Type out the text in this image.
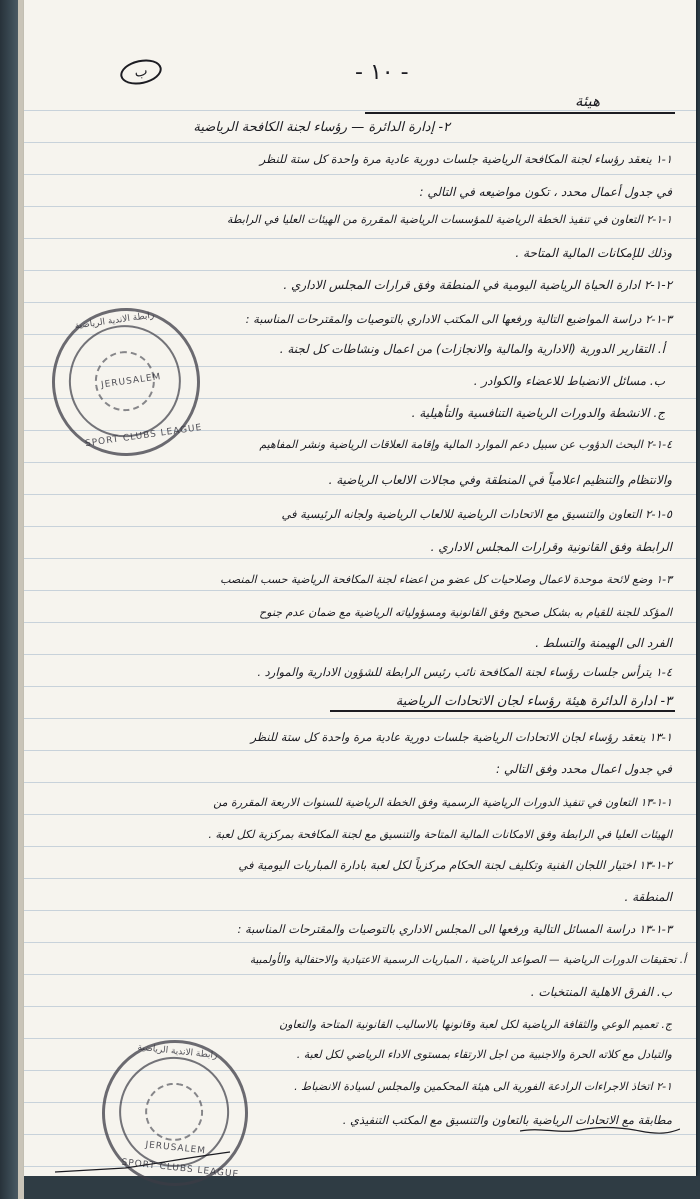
ب	- ١٠ -
هيئة
٢- إدارة الدائرة — رؤساء لجنة الكافحة الرياضية
١-١ ينعقد رؤساء لجنة المكافحة الرياضية جلسات دورية عادية مرة واحدة كل ستة للنظر
في جدول أعمال محدد ، تكون مواضيعه في التالي :
١-١-٢ التعاون في تنفيذ الخطة الرياضية للمؤسسات الرياضية المقررة من الهيئات العليا في الرابطة
وذلك للإمكانات المالية المتاحة .
٢-١-٢ ادارة الحياة الرياضية اليومية في المنطقة وفق قرارات المجلس الاداري .
٣-١-٢ دراسة المواضيع التالية ورفعها الى المكتب الاداري بالتوصيات والمقترحات المناسبة :
أ. التقارير الدورية (الادارية والمالية والانجازات) من اعمال ونشاطات كل لجنة .
ب. مسائل الانضباط للاعضاء والكوادر .
ج. الانشطة والدورات الرياضية التنافسية والتأهيلية .
٤-١-٢ البحث الدؤوب عن سبيل دعم الموارد المالية وإقامة العلاقات الرياضية ونشر المفاهيم
والانتظام والتنظيم اعلامياً في المنطقة وفي مجالات الالعاب الرياضية .
٥-١-٢ التعاون والتنسيق مع الاتحادات الرياضية للالعاب الرياضية ولجانه الرئيسية في
الرابطة وفق القانونية وقرارات المجلس الاداري .
٣-١ وضع لائحة موحدة لاعمال وصلاحيات كل عضو من اعضاء لجنة المكافحة الرياضية حسب المنصب
المؤكد للجنة للقيام به بشكل صحيح وفق القانونية ومسؤولياته الرياضية مع ضمان عدم جنوح
الفرد الى الهيمنة والتسلط .
٤-١ يترأس جلسات رؤساء لجنة المكافحة نائب رئيس الرابطة للشؤون الادارية والموارد .
٣- ادارة الدائرة هيئة رؤساء لجان الاتحادات الرياضية
١-١٣ ينعقد رؤساء لجان الاتحادات الرياضية جلسات دورية عادية مرة واحدة كل ستة للنظر
في جدول اعمال محدد وفق التالي :
١-١-١٣ التعاون في تنفيذ الدورات الرياضية الرسمية وفق الخطة الرياضية للسنوات الاربعة المقررة من
الهيئات العليا في الرابطة وفق الامكانات المالية المتاحة والتنسيق مع لجنة المكافحة بمركزية لكل لعبة .
٢-١-١٣ اختيار اللجان الفنية وتكليف لجنة الحكام مركزياً لكل لعبة بادارة المباريات اليومية في
المنطقة .
٣-١-١٣ دراسة المسائل التالية ورفعها الى المجلس الاداري بالتوصيات والمقترحات المناسبة :
أ. تحقيقات الدورات الرياضية — الصواعد الرياضية ، المباريات الرسمية الاعتيادية والاحتفالية والأولمبية
ب. الفرق الاهلية المنتخبات .
ج. تعميم الوعي والثقافة الرياضية لكل لعبة وقانونها بالاساليب القانونية المتاحة والتعاون
والتبادل مع كلاته الحرة والاجنبية من اجل الارتقاء بمستوى الاداء الرياضي لكل لعبة .
١-٢ اتخاذ الاجراءات الرادعة الفورية الى هيئة المحكمين والمجلس لسيادة الانضباط .
مطابقة مع الاتحادات الرياضية بالتعاون والتنسيق مع المكتب التنفيذي .
رابطة الاندية الرياضية
JERUSALEM
SPORT CLUBS LEAGUE
رابطة الاندية الرياضية
JERUSALEM
SPORT CLUBS LEAGUE
